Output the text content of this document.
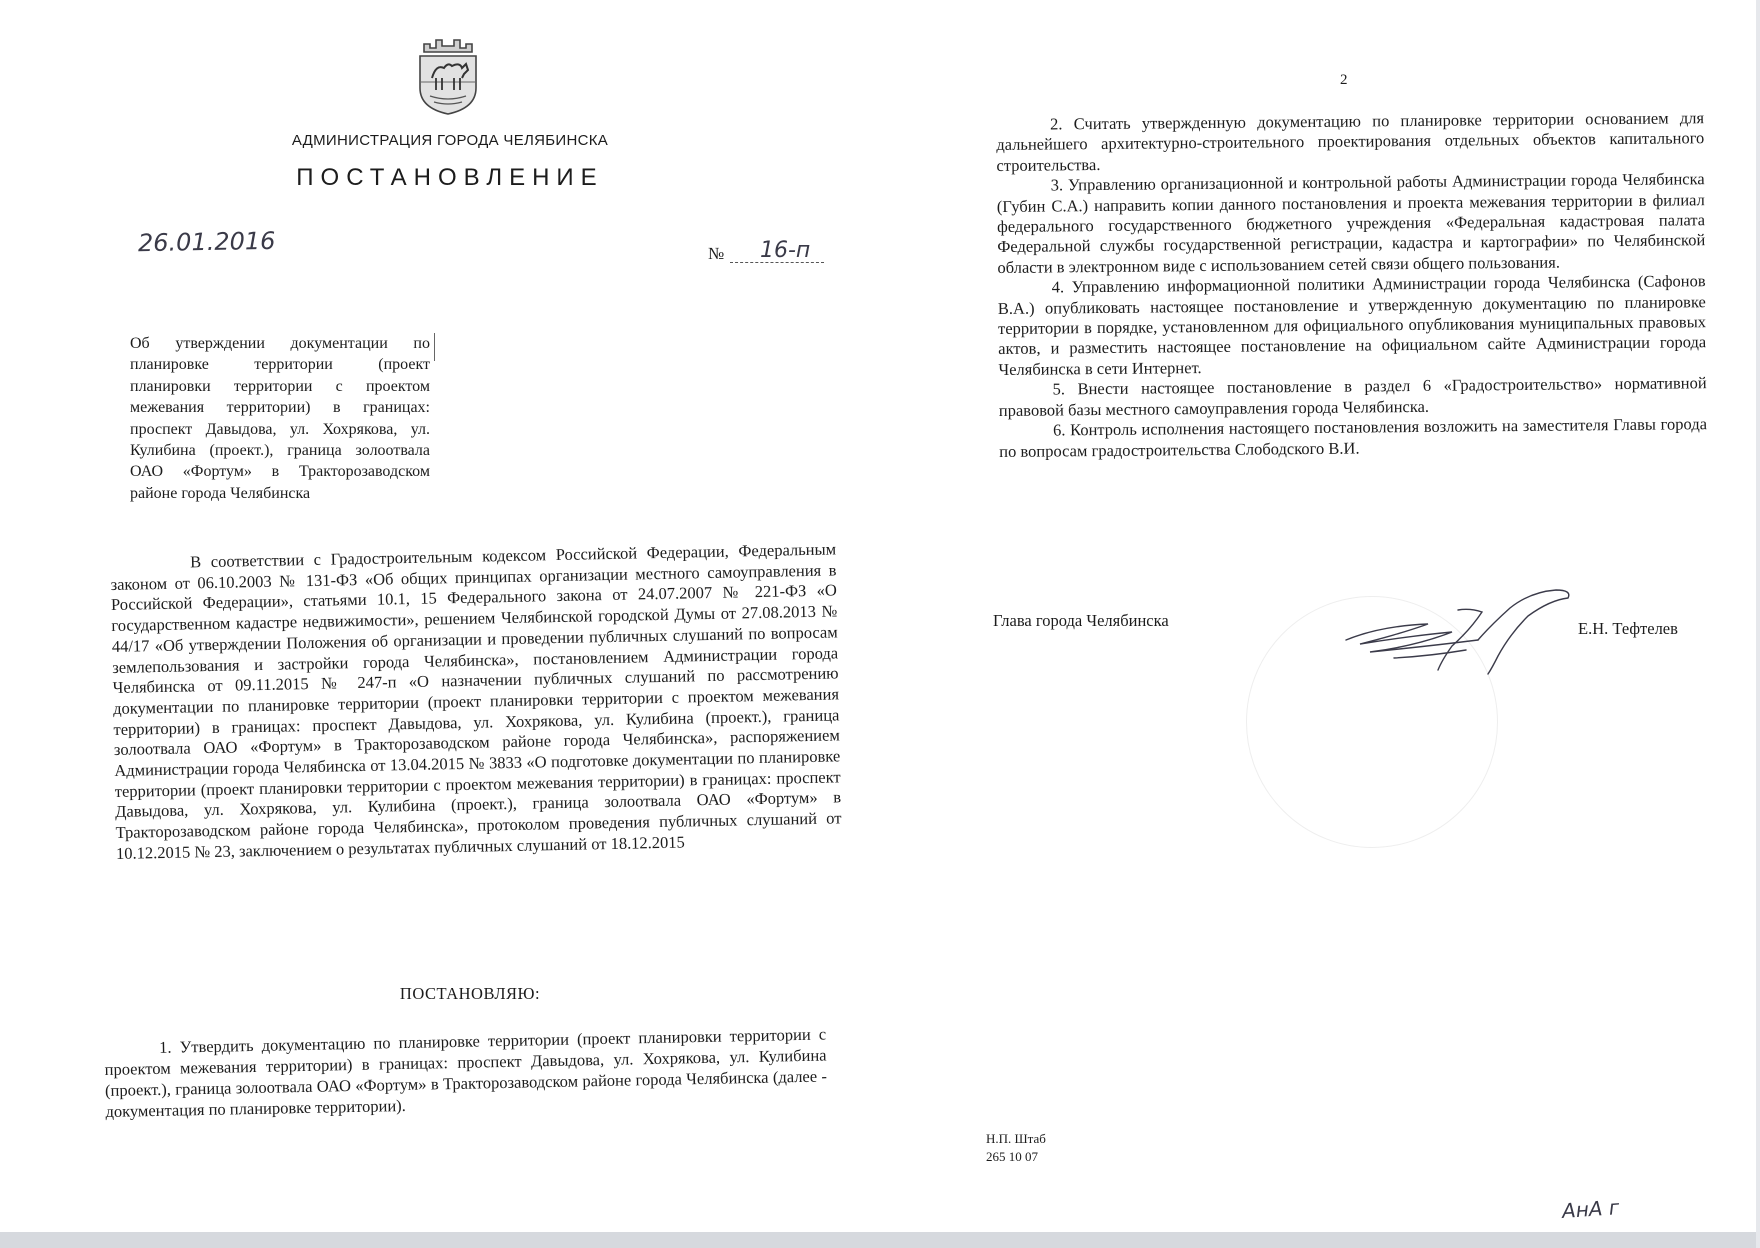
АДМИНИСТРАЦИЯ ГОРОДА ЧЕЛЯБИНСКА
ПОСТАНОВЛЕНИЕ
26.01.2016	№ 16-п

Об утверждении документации по планировке территории (проект планировки территории с проектом межевания территории) в границах: проспект Давыдова, ул. Хохрякова, ул. Кулибина (проект.), граница золоотвала ОАО «Фортум» в Тракторозаводском районе города Челябинска

В соответствии с Градостроительным кодексом Российской Федерации, Федеральным законом от 06.10.2003 № 131-ФЗ «Об общих принципах организации местного самоуправления в Российской Федерации», статьями 10.1, 15 Федерального закона от 24.07.2007 № 221-ФЗ «О государственном кадастре недвижимости», решением Челябинской городской Думы от 27.08.2013 № 44/17 «Об утверждении Положения об организации и проведении публичных слушаний по вопросам землепользования и застройки города Челябинска», постановлением Администрации города Челябинска от 09.11.2015 № 247-п «О назначении публичных слушаний по рассмотрению документации по планировке территории (проект планировки территории с проектом межевания территории) в границах: проспект Давыдова, ул. Хохрякова, ул. Кулибина (проект.), граница золоотвала ОАО «Фортум» в Тракторозаводском районе города Челябинска», распоряжением Администрации города Челябинска от 13.04.2015 № 3833 «О подготовке документации по планировке территории (проект планировки территории с проектом межевания территории) в границах: проспект Давыдова, ул. Хохрякова, ул. Кулибина (проект.), граница золоотвала ОАО «Фортум» в Тракторозаводском районе города Челябинска», протоколом проведения публичных слушаний от 10.12.2015 № 23, заключением о результатах публичных слушаний от 18.12.2015

ПОСТАНОВЛЯЮ:

1. Утвердить документацию по планировке территории (проект планировки территории с проектом межевания территории) в границах: проспект Давыдова, ул. Хохрякова, ул. Кулибина (проект.), граница золоотвала ОАО «Фортум» в Тракторозаводском районе города Челябинска (далее - документация по планировке территории).

2

2. Считать утвержденную документацию по планировке территории основанием для дальнейшего архитектурно-строительного проектирования отдельных объектов капитального строительства.

3. Управлению организационной и контрольной работы Администрации города Челябинска (Губин С.А.) направить копии данного постановления и проекта межевания территории в филиал федерального государственного бюджетного учреждения «Федеральная кадастровая палата Федеральной службы государственной регистрации, кадастра и картографии» по Челябинской области в электронном виде с использованием сетей связи общего пользования.

4. Управлению информационной политики Администрации города Челябинска (Сафонов В.А.) опубликовать настоящее постановление и утвержденную документацию по планировке территории в порядке, установленном для официального опубликования муниципальных правовых актов, и разместить настоящее постановление на официальном сайте Администрации города Челябинска в сети Интернет.

5. Внести настоящее постановление в раздел 6 «Градостроительство» нормативной правовой базы местного самоуправления города Челябинска.

6. Контроль исполнения настоящего постановления возложить на заместителя Главы города по вопросам градостроительства Слободского В.И.

Глава города Челябинска	Е.Н. Тефтелев
Н.П. Штаб
265 10 07
АнА г
